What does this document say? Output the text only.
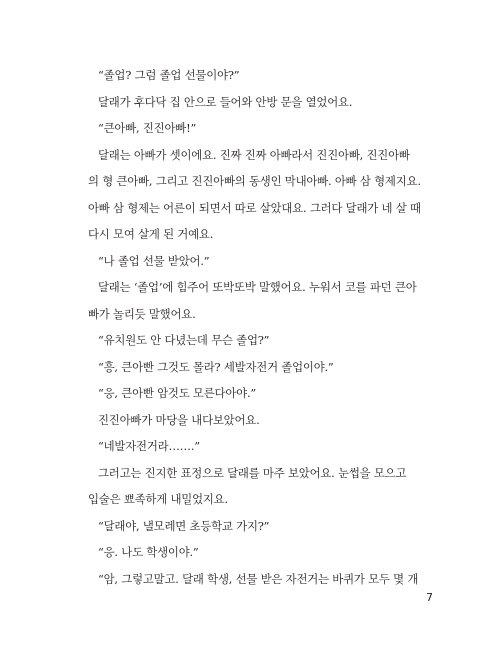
“졸업? 그럼 졸업 선물이야?”

달래가 후다닥 집 안으로 들어와 안방 문을 열었어요.

“큰아빠, 진진아빠!”

달래는 아빠가 셋이에요. 진짜 진짜 아빠라서 진진아빠, 진진아빠
의 형 큰아빠, 그리고 진진아빠의 동생인 막내아빠. 아빠 삼 형제지요.
아빠 삼 형제는 어른이 되면서 따로 살았대요. 그러다 달래가 네 살 때
다시 모여 살게 된 거예요.

“나 졸업 선물 받았어.”

달래는 ‘졸업’에 힘주어 또박또박 말했어요. 누워서 코를 파던 큰아
빠가 놀리듯 말했어요.

“유치원도 안 다녔는데 무슨 졸업?”

“흥, 큰아빤 그것도 몰라? 세발자전거 졸업이야.”

“응, 큰아빤 암것도 모른다아야.”

진진아빠가 마당을 내다보았어요.

“네발자전거라…….”

그러고는 진지한 표정으로 달래를 마주 보았어요. 눈썹을 모으고
입술은 뾰족하게 내밀었지요.

“달래야, 낼모레면 초등학교 가지?”

“응. 나도 학생이야.”

“암, 그렇고말고. 달래 학생, 선물 받은 자전거는 바퀴가 모두 몇 개

7
